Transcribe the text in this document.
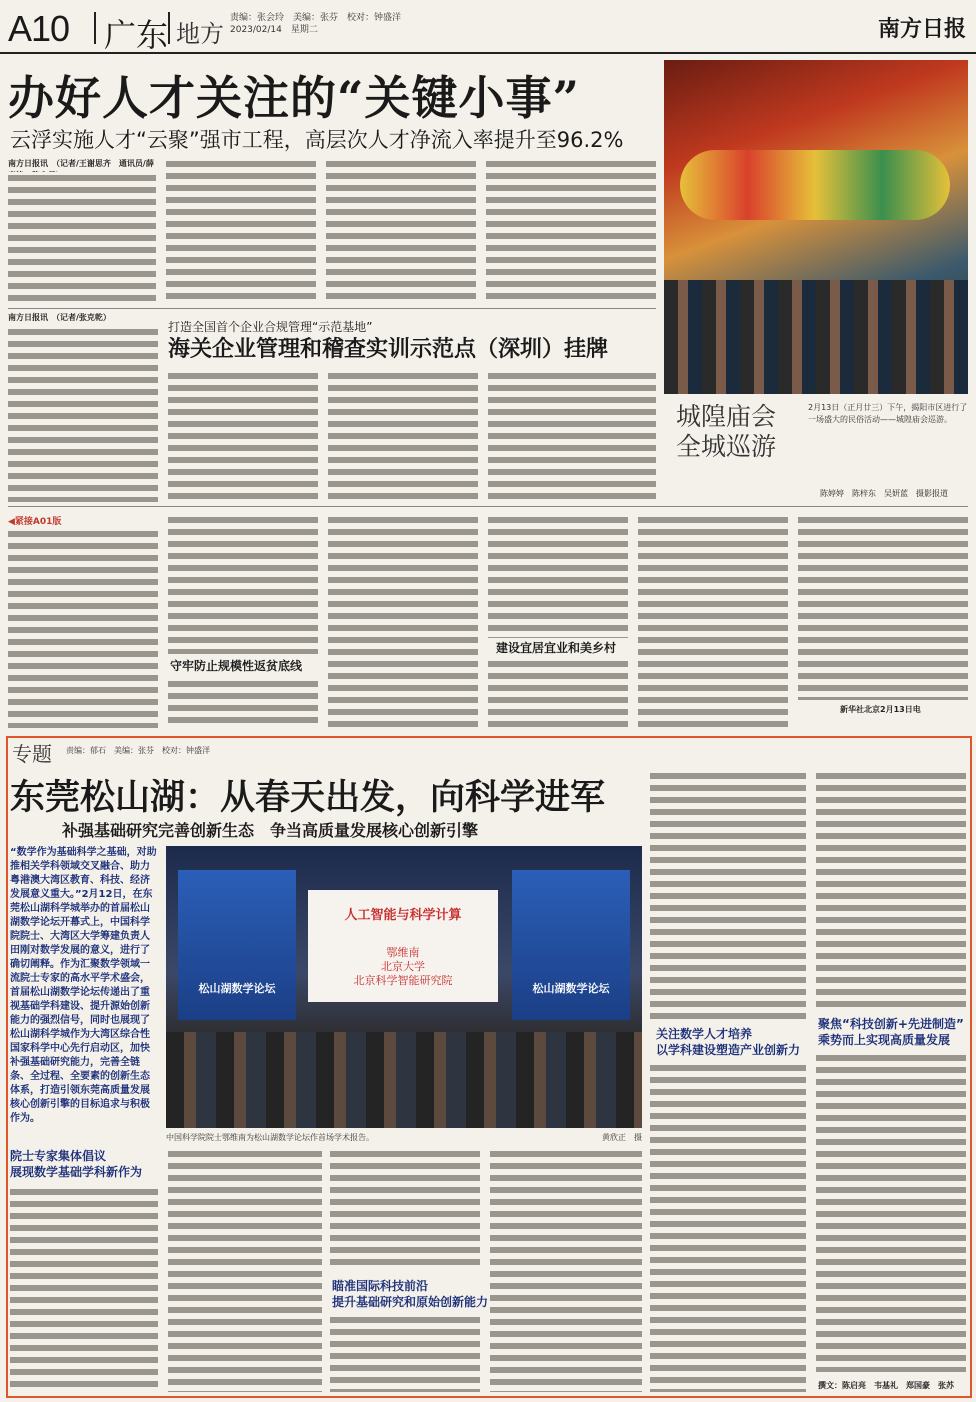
A10 广东 地方
责编：张会玲　美编：张芬　校对：钟盛洋
2023/02/14　星期二	南方日报
办好人才关注的“关键小事”
云浮实施人才“云聚”强市工程，高层次人才净流入率提升至96.2%
南方日报讯　（记者/王谢思齐　通讯员/薛　
南方日报讯　（记者/张克乾）
打造全国首个企业合规管理“示范基地”
海关企业管理和稽查实训示范点（深圳）挂牌
城隍庙会
全城巡游
2月13日（正月廿三）下午，揭阳市区进行了一场盛大的民俗活动——城隍庙会巡游。
陈婷婷　陈梓东　吴妍蓝　摄影报道
◀紧接A01版
守牢防止规模性返贫底线
建设宜居宜业和美乡村
新华社北京2月13日电
专题 责编：郁石　美编：张芬　校对：钟盛洋
东莞松山湖：从春天出发，向科学进军
补强基础研究完善创新生态　争当高质量发展核心创新引擎
“数学作为基础科学之基础，对助推相关学科领域交叉融合、助力粤港澳大湾区教育、科技、经济发展意义重大。”2月12日，在东莞松山湖科学城举办的首届松山湖数学论坛开幕式上，中国科学院院士、大湾区大学筹建负责人田刚对数学发展的意义，进行了确切阐释。作为汇聚数学领域一流院士专家的高水平学术盛会，首届松山湖数学论坛传递出了重视基础学科建设、提升源始创新能力的强烈信号，同时也展现了松山湖科学城作为大湾区综合性国家科学中心先行启动区，加快补强基础研究能力，完善全链条、全过程、全要素的创新生态体系，打造引领东莞高质量发展核心创新引擎的目标追求与积极作为。
松山湖数学论坛	松山湖数学论坛
人工智能与科学计算
鄂维南
北京大学
北京科学智能研究院
黄欣正　摄
中国科学院院士鄂维南为松山湖数学论坛作首场学术报告。
关注数学人才培养
以学科建设塑造产业创新力
聚焦“科技创新+先进制造”
乘势而上实现高质量发展
撰文：陈启亮　韦基礼　郑国豪　张苏
院士专家集体倡议
展现数学基础学科新作为
瞄准国际科技前沿
提升基础研究和原始创新能力
